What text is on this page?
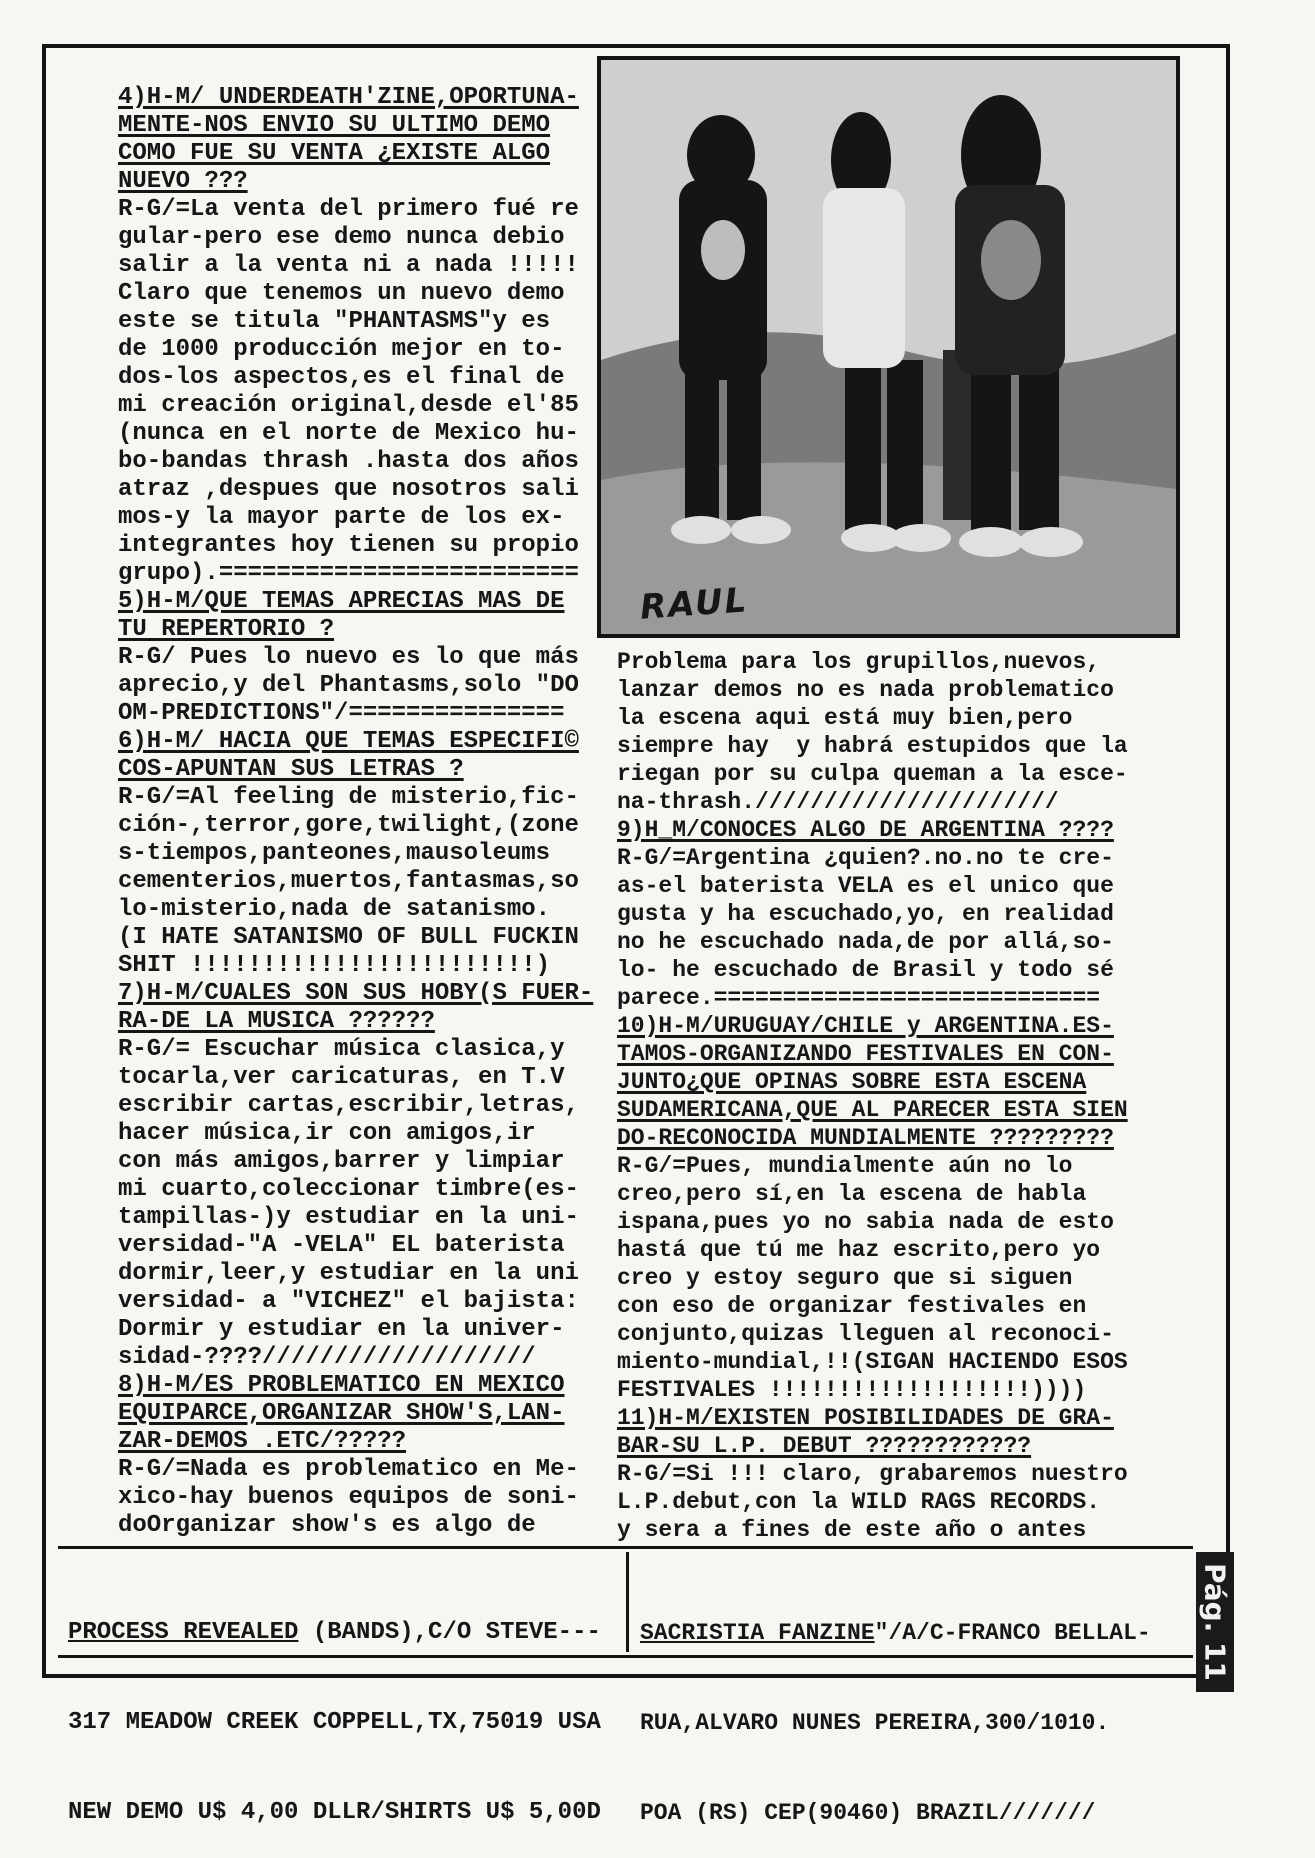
4)H-M/ UNDERDEATH'ZINE,OPORTUNA-
MENTE-NOS ENVIO SU ULTIMO DEMO
COMO FUE SU VENTA ¿EXISTE ALGO
NUEVO ???
R-G/=La venta del primero fué re
gular-pero ese demo nunca debio
salir a la venta ni a nada !!!!!
Claro que tenemos un nuevo demo
este se titula "PHANTASMS"y es
de 1000 producción mejor en to-
dos-los aspectos,es el final de
mi creación original,desde el'85
(nunca en el norte de Mexico hu-
bo-bandas thrash .hasta dos años
atraz ,despues que nosotros sali
mos-y la mayor parte de los ex-
integrantes hoy tienen su propio
grupo).=========================
5)H-M/QUE TEMAS APRECIAS MAS DE
TU REPERTORIO ?
R-G/ Pues lo nuevo es lo que más
aprecio,y del Phantasms,solo "DO
OM-PREDICTIONS"/===============
6)H-M/ HACIA QUE TEMAS ESPECIFI©
COS-APUNTAN SUS LETRAS ?
R-G/=Al feeling de misterio,fic-
ción-,terror,gore,twilight,(zone
s-tiempos,panteones,mausoleums
cementerios,muertos,fantasmas,so
lo-misterio,nada de satanismo.
(I HATE SATANISMO OF BULL FUCKIN
SHIT !!!!!!!!!!!!!!!!!!!!!!!!)
7)H-M/CUALES SON SUS HOBY(S FUER-
RA-DE LA MUSICA ??????
R-G/= Escuchar música clasica,y
tocarla,ver caricaturas, en T.V
escribir cartas,escribir,letras,
hacer música,ir con amigos,ir
con más amigos,barrer y limpiar
mi cuarto,coleccionar timbre(es-
tampillas-)y estudiar en la uni-
versidad-"A -VELA" EL baterista
dormir,leer,y estudiar en la uni
versidad- a "VICHEZ" el bajista:
Dormir y estudiar en la univer-
sidad-????///////////////////
8)H-M/ES PROBLEMATICO EN MEXICO
EQUIPARCE,ORGANIZAR SHOW'S,LAN-
ZAR-DEMOS .ETC/?????
R-G/=Nada es problematico en Me-
xico-hay buenos equipos de soni-
doOrganizar show's es algo de
RAUL
Problema para los grupillos,nuevos,
lanzar demos no es nada problematico
la escena aqui está muy bien,pero
siempre hay  y habrá estupidos que la
riegan por su culpa queman a la esce-
na-thrash.//////////////////////
9)H_M/CONOCES ALGO DE ARGENTINA ????
R-G/=Argentina ¿quien?.no.no te cre-
as-el baterista VELA es el unico que
gusta y ha escuchado,yo, en realidad
no he escuchado nada,de por allá,so-
lo- he escuchado de Brasil y todo sé
parece.============================
10)H-M/URUGUAY/CHILE y ARGENTINA.ES-
TAMOS-ORGANIZANDO FESTIVALES EN CON-
JUNTO¿QUE OPINAS SOBRE ESTA ESCENA
SUDAMERICANA,QUE AL PARECER ESTA SIEN
DO-RECONOCIDA MUNDIALMENTE ?????????
R-G/=Pues, mundialmente aún no lo
creo,pero sí,en la escena de habla
ispana,pues yo no sabia nada de esto
hastá que tú me haz escrito,pero yo
creo y estoy seguro que si siguen
con eso de organizar festivales en
conjunto,quizas lleguen al reconoci-
miento-mundial,!!(SIGAN HACIENDO ESOS
FESTIVALES !!!!!!!!!!!!!!!!!!!))))
11)H-M/EXISTEN POSIBILIDADES DE GRA-
BAR-SU L.P. DEBUT ????????????
R-G/=Si !!! claro, grabaremos nuestro
L.P.debut,con la WILD RAGS RECORDS.
y sera a fines de este año o antes

PROCESS REVEALED (BANDS),C/O STEVE---

317 MEADOW CREEK COPPELL,TX,75019 USA

NEW DEMO U$ 4,00 DLLR/SHIRTS U$ 5,00D

SACRISTIA FANZINE"/A/C-FRANCO BELLAL-

RUA,ALVARO NUNES PEREIRA,300/1010.

POA (RS) CEP(90460) BRAZIL///////

Pág. 11
